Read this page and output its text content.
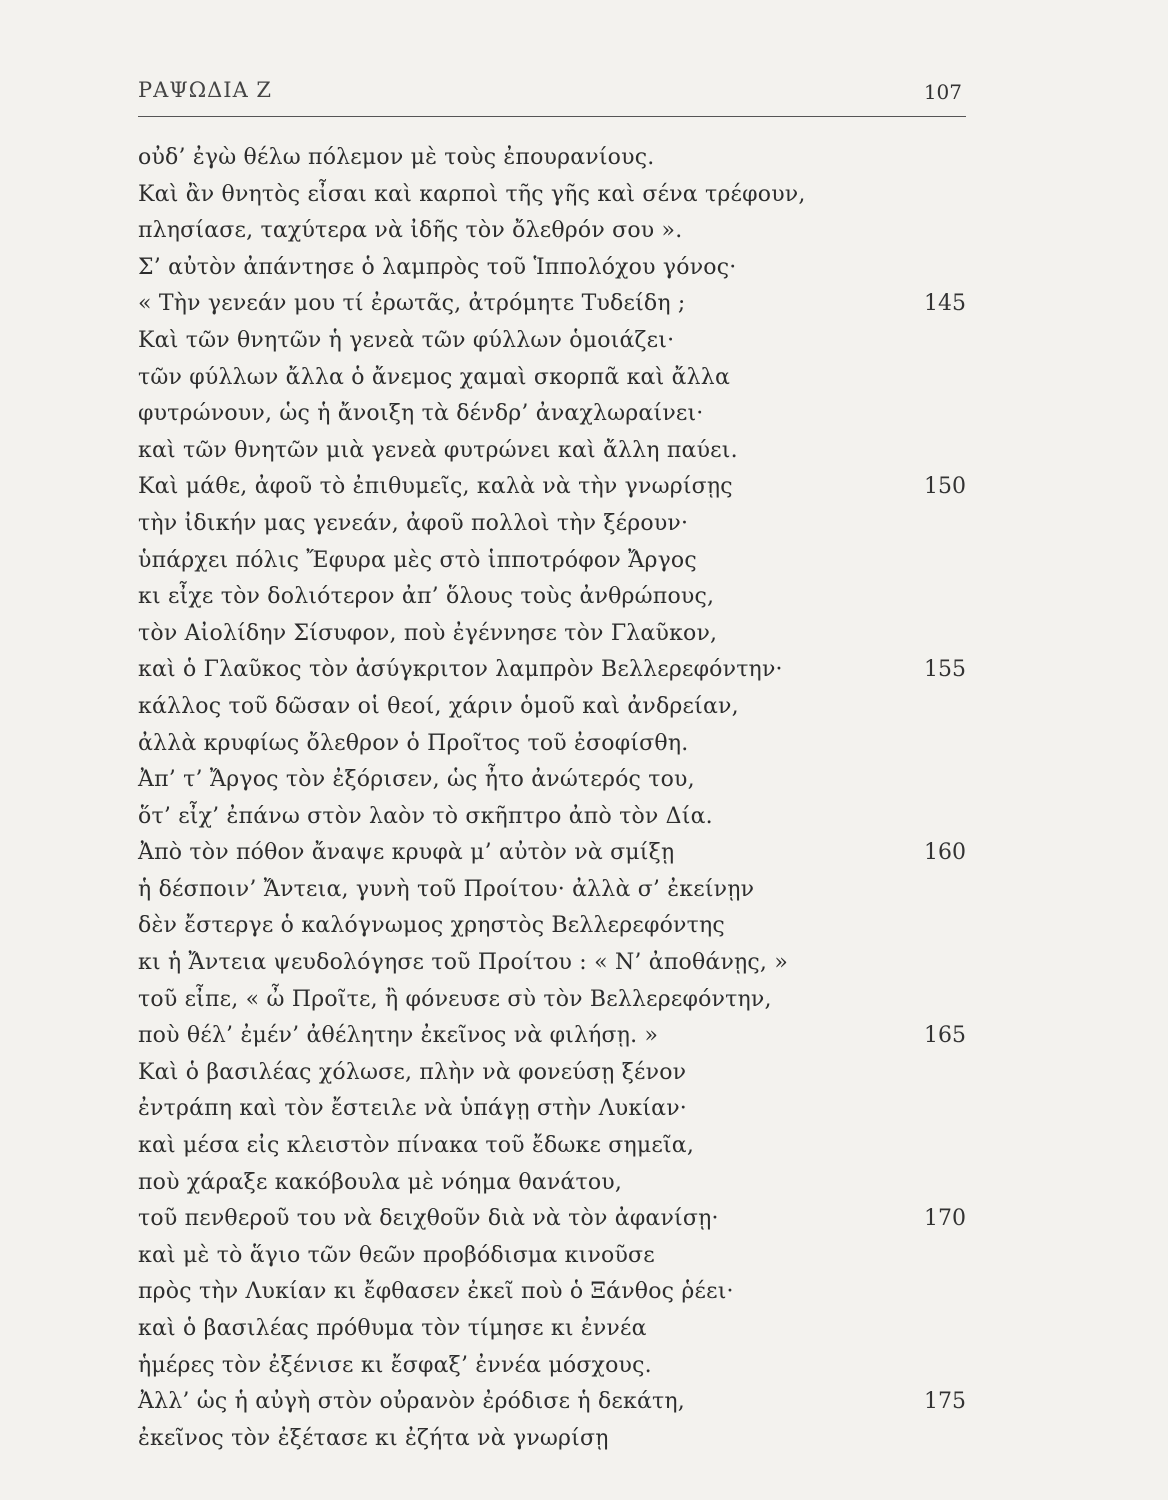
ΡΑΨΩΔΙΑ Ζ	107
οὐδ’ ἐγὼ θέλω πόλεμον μὲ τοὺς ἐπουρανίους.
Καὶ ἂν θνητὸς εἶσαι καὶ καρποὶ τῆς γῆς καὶ σένα τρέφουν,
πλησίασε, ταχύτερα νὰ ἰδῆς τὸν ὄλεθρόν σου ».
Σ’ αὐτὸν ἀπάντησε ὁ λαμπρὸς τοῦ Ἱππολόχου γόνος·
« Τὴν γενεάν μου τί ἐρωτᾶς, ἀτρόμητε Τυδείδη ;	145
Καὶ τῶν θνητῶν ἡ γενεὰ τῶν φύλλων ὁμοιάζει·
τῶν φύλλων ἄλλα ὁ ἄνεμος χαμαὶ σκορπᾶ καὶ ἄλλα
φυτρώνουν, ὡς ἡ ἄνοιξη τὰ δένδρ’ ἀναχλωραίνει·
καὶ τῶν θνητῶν μιὰ γενεὰ φυτρώνει καὶ ἄλλη παύει.
Καὶ μάθε, ἀφοῦ τὸ ἐπιθυμεῖς, καλὰ νὰ τὴν γνωρίσῃς	150
τὴν ἰδικήν μας γενεάν, ἀφοῦ πολλοὶ τὴν ξέρουν·
ὑπάρχει πόλις Ἔφυρα μὲς στὸ ἱπποτρόφον Ἄργος
κι εἶχε τὸν δολιότερον ἀπ’ ὅλους τοὺς ἀνθρώπους,
τὸν Αἰολίδην Σίσυφον, ποὺ ἐγέννησε τὸν Γλαῦκον,
καὶ ὁ Γλαῦκος τὸν ἀσύγκριτον λαμπρὸν Βελλερεφόντην·	155
κάλλος τοῦ δῶσαν οἱ θεοί, χάριν ὁμοῦ καὶ ἀνδρείαν,
ἀλλὰ κρυφίως ὄλεθρον ὁ Προῖτος τοῦ ἐσοφίσθη.
Ἀπ’ τ’ Ἄργος τὸν ἐξόρισεν, ὡς ἦτο ἀνώτερός του,
ὅτ’ εἶχ’ ἐπάνω στὸν λαὸν τὸ σκῆπτρο ἀπὸ τὸν Δία.
Ἀπὸ τὸν πόθον ἄναψε κρυφὰ μ’ αὐτὸν νὰ σμίξῃ	160
ἡ δέσποιν’ Ἄντεια, γυνὴ τοῦ Προίτου· ἀλλὰ σ’ ἐκείνῃν
δὲν ἔστεργε ὁ καλόγνωμος χρηστὸς Βελλερεφόντης
κι ἡ Ἄντεια ψευδολόγησε τοῦ Προίτου : « Ν’ ἀποθάνῃς, »
τοῦ εἶπε, « ὦ Προῖτε, ἢ φόνευσε σὺ τὸν Βελλερεφόντην,
ποὺ θέλ’ ἐμέν’ ἀθέλητην ἐκεῖνος νὰ φιλήσῃ. »	165
Καὶ ὁ βασιλέας χόλωσε, πλὴν νὰ φονεύσῃ ξένον
ἐντράπη καὶ τὸν ἔστειλε νὰ ὑπάγῃ στὴν Λυκίαν·
καὶ μέσα εἰς κλειστὸν πίνακα τοῦ ἔδωκε σημεῖα,
ποὺ χάραξε κακόβουλα μὲ νόημα θανάτου,
τοῦ πενθεροῦ του νὰ δειχθοῦν διὰ νὰ τὸν ἀφανίσῃ·	170
καὶ μὲ τὸ ἅγιο τῶν θεῶν προβόδισμα κινοῦσε
πρὸς τὴν Λυκίαν κι ἔφθασεν ἐκεῖ ποὺ ὁ Ξάνθος ῥέει·
καὶ ὁ βασιλέας πρόθυμα τὸν τίμησε κι ἐννέα
ἡμέρες τὸν ἐξένισε κι ἔσφαξ’ ἐννέα μόσχους.
Ἀλλ’ ὡς ἡ αὐγὴ στὸν οὐρανὸν ἐρόδισε ἡ δεκάτη,	175
ἐκεῖνος τὸν ἐξέτασε κι ἐζήτα νὰ γνωρίσῃ
